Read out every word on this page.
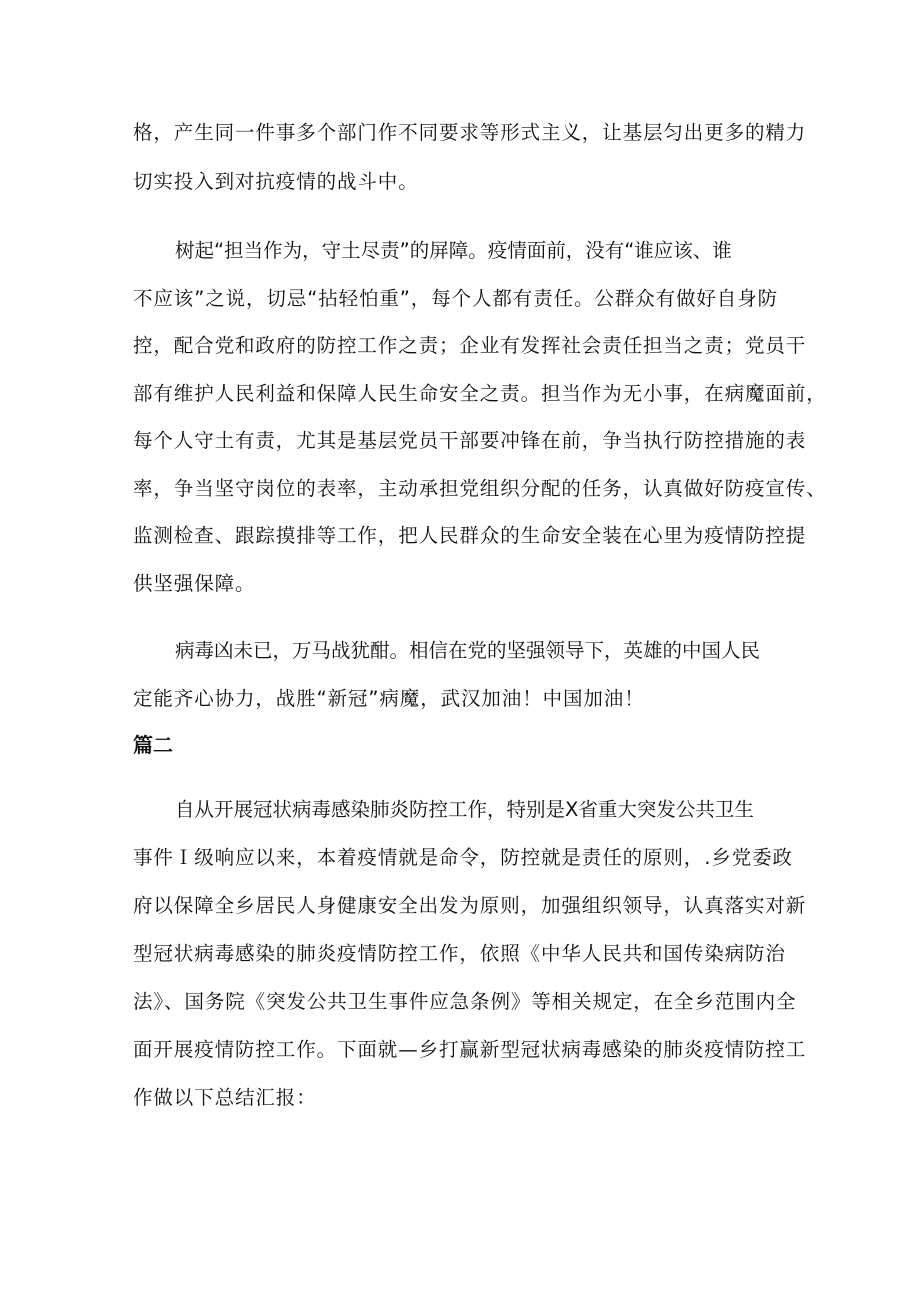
格，产生同一件事多个部门作不同要求等形式主义，让基层匀出更多的精力
切实投入到对抗疫情的战斗中。
树起“担当作为，守土尽责”的屏障。疫情面前，没有“谁应该、谁
不应该”之说，切忌“拈轻怕重”，每个人都有责任。公群众有做好自身防
控，配合党和政府的防控工作之责；企业有发挥社会责任担当之责；党员干
部有维护人民利益和保障人民生命安全之责。担当作为无小事，在病魔面前，
每个人守土有责，尤其是基层党员干部要冲锋在前，争当执行防控措施的表
率，争当坚守岗位的表率，主动承担党组织分配的任务，认真做好防疫宣传、
监测检查、跟踪摸排等工作，把人民群众的生命安全装在心里为疫情防控提
供坚强保障。
病毒凶未已，万马战犹酣。相信在党的坚强领导下，英雄的中国人民
定能齐心协力，战胜“新冠”病魔，武汉加油！中国加油！
篇二
自从开展冠状病毒感染肺炎防控工作，特别是X省重大突发公共卫生
事件Ｉ级响应以来，本着疫情就是命令，防控就是责任的原则，.乡党委政
府以保障全乡居民人身健康安全出发为原则，加强组织领导，认真落实对新
型冠状病毒感染的肺炎疫情防控工作，依照《中华人民共和国传染病防治
法》、国务院《突发公共卫生事件应急条例》等相关规定，在全乡范围内全
面开展疫情防控工作。下面就—乡打赢新型冠状病毒感染的肺炎疫情防控工
作做以下总结汇报：
